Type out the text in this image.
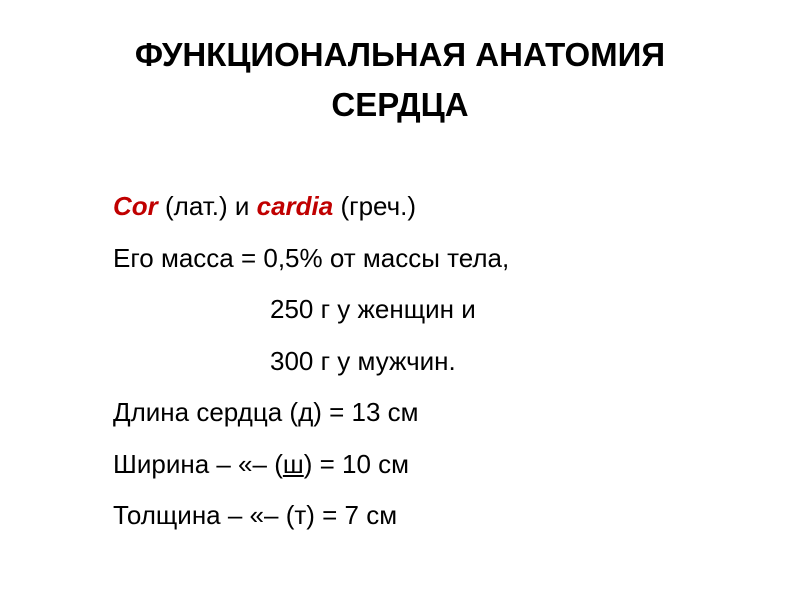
ФУНКЦИОНАЛЬНАЯ АНАТОМИЯ
СЕРДЦА
Cor (лат.) и cardia (греч.)
Его масса = 0,5% от массы тела,
250 г у женщин и
300 г у мужчин.
Длина сердца (д) = 13 см
Ширина – «– (ш) = 10 см
Толщина – «– (т) = 7 см
